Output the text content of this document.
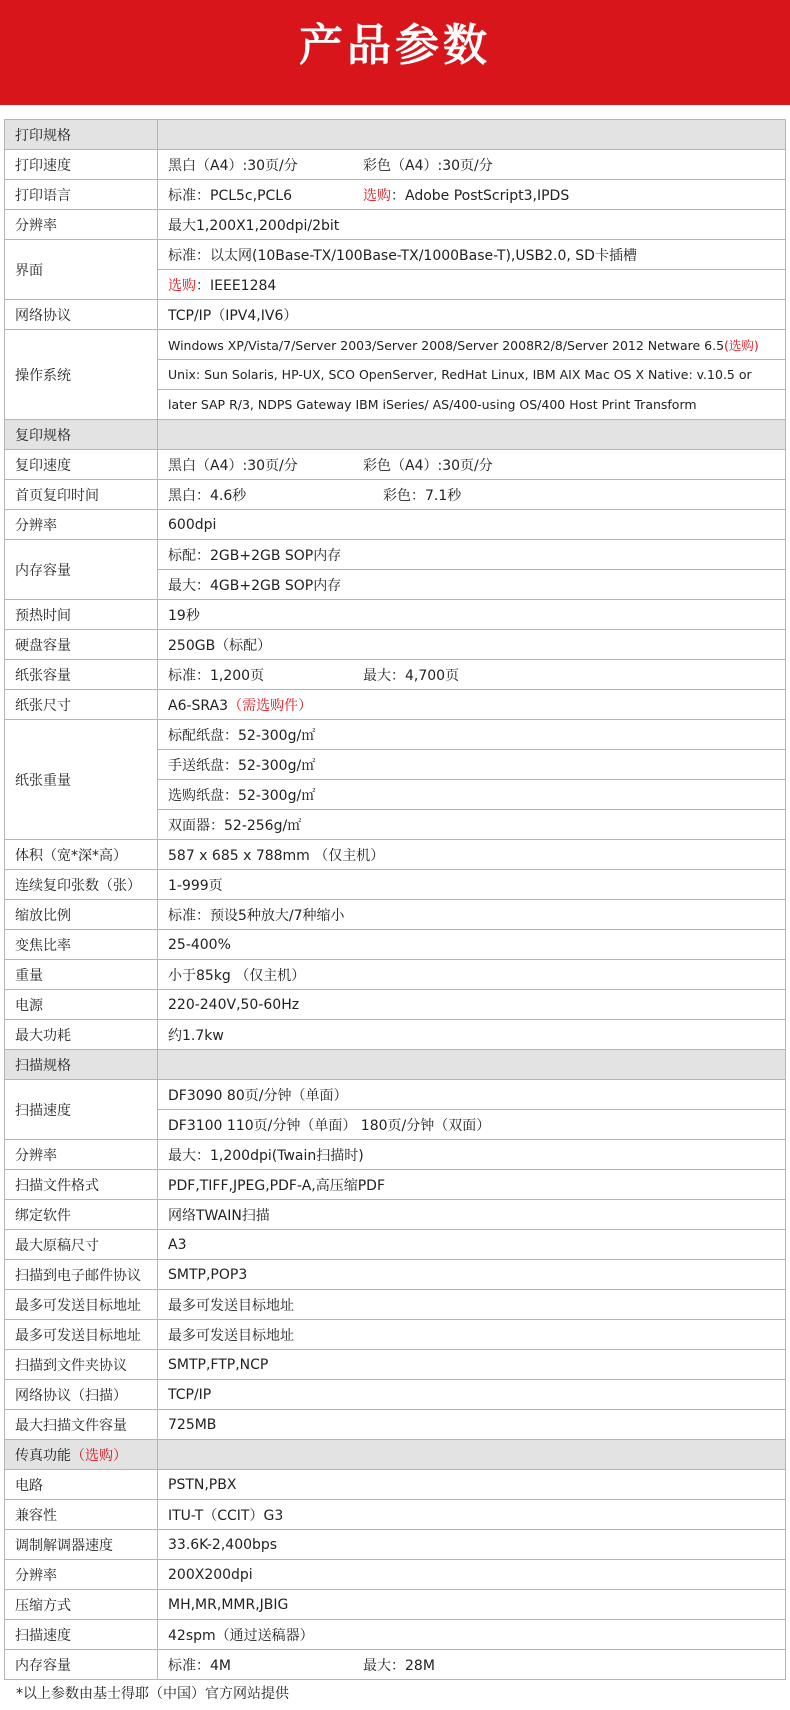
产品参数
打印规格	
打印速度	黑白（A4）:30页/分 彩色（A4）:30页/分
打印语言	标准：PCL5c,PCL6 选购：Adobe PostScript3,IPDS
分辨率	最大1,200X1,200dpi/2bit
界面	标准：以太网(10Base-TX/100Base-TX/1000Base-T),USB2.0, SD卡插槽
	选购：IEEE1284
网络协议	TCP/IP（IPV4,IV6）
操作系统	Windows XP/Vista/7/Server 2003/Server 2008/Server 2008R2/8/Server 2012 Netware 6.5(选购)
	Unix: Sun Solaris, HP-UX, SCO OpenServer, RedHat Linux, IBM AIX Mac OS X Native: v.10.5 or
	later SAP R/3, NDPS Gateway IBM iSeries/ AS/400-using OS/400 Host Print Transform
复印规格	
复印速度	黑白（A4）:30页/分 彩色（A4）:30页/分
首页复印时间	黑白：4.6秒 彩色：7.1秒
分辨率	600dpi
内存容量	标配：2GB+2GB SOP内存
	最大：4GB+2GB SOP内存
预热时间	19秒
硬盘容量	250GB（标配）
纸张容量	标准：1,200页 最大：4,700页
纸张尺寸	A6-SRA3（需选购件）
纸张重量	标配纸盘：52-300g/㎡
	手送纸盘：52-300g/㎡
	选购纸盘：52-300g/㎡
	双面器：52-256g/㎡
体积（宽*深*高）	587 x 685 x 788mm （仅主机）
连续复印张数（张）	1-999页
缩放比例	标准：预设5种放大/7种缩小
变焦比率	25-400%
重量	小于85kg （仅主机）
电源	220-240V,50-60Hz
最大功耗	约1.7kw
扫描规格	
扫描速度	DF3090 80页/分钟（单面）
	DF3100 110页/分钟（单面） 180页/分钟（双面）
分辨率	最大：1,200dpi(Twain扫描时)
扫描文件格式	PDF,TIFF,JPEG,PDF-A,高压缩PDF
绑定软件	网络TWAIN扫描
最大原稿尺寸	A3
扫描到电子邮件协议	SMTP,POP3
最多可发送目标地址	最多可发送目标地址
最多可发送目标地址	最多可发送目标地址
扫描到文件夹协议	SMTP,FTP,NCP
网络协议（扫描）	TCP/IP
最大扫描文件容量	725MB
传真功能（选购）	
电路	PSTN,PBX
兼容性	ITU-T（CCIT）G3
调制解调器速度	33.6K-2,400bps
分辨率	200X200dpi
压缩方式	MH,MR,MMR,JBIG
扫描速度	42spm（通过送稿器）
内存容量	标准：4M 最大：28M
*以上参数由基士得耶（中国）官方网站提供
